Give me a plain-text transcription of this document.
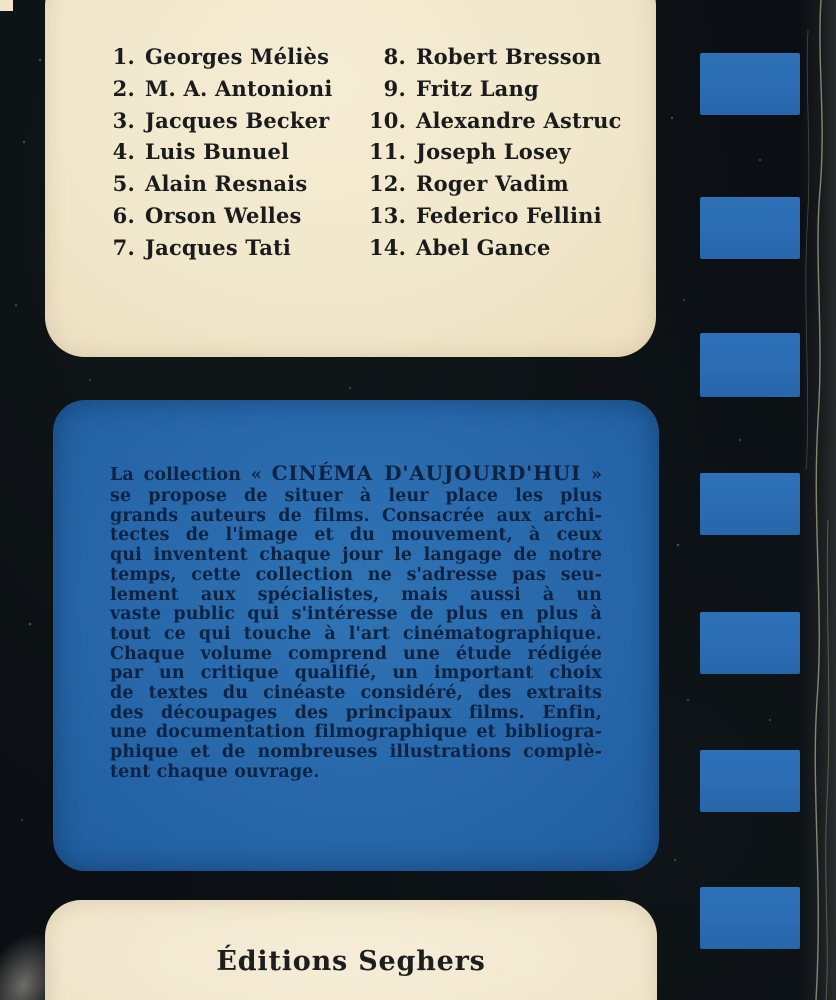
1. Georges Méliès
2. M. A. Antonioni
3. Jacques Becker
4. Luis Bunuel
5. Alain Resnais
6. Orson Welles
7. Jacques Tati
8. Robert Bresson
9. Fritz Lang
10. Alexandre Astruc
11. Joseph Losey
12. Roger Vadim
13. Federico Fellini
14. Abel Gance
La collection « CINÉMA D'AUJOURD'HUI »
se propose de situer à leur place les plus
grands auteurs de films. Consacrée aux archi-
tectes de l'image et du mouvement, à ceux
qui inventent chaque jour le langage de notre
temps, cette collection ne s'adresse pas seu-
lement aux spécialistes, mais aussi à un
vaste public qui s'intéresse de plus en plus à
tout ce qui touche à l'art cinématographique.
Chaque volume comprend une étude rédigée
par un critique qualifié, un important choix
de textes du cinéaste considéré, des extraits
des découpages des principaux films. Enfin,
une documentation filmographique et bibliogra-
phique et de nombreuses illustrations complè-
tent chaque ouvrage.
Éditions Seghers
